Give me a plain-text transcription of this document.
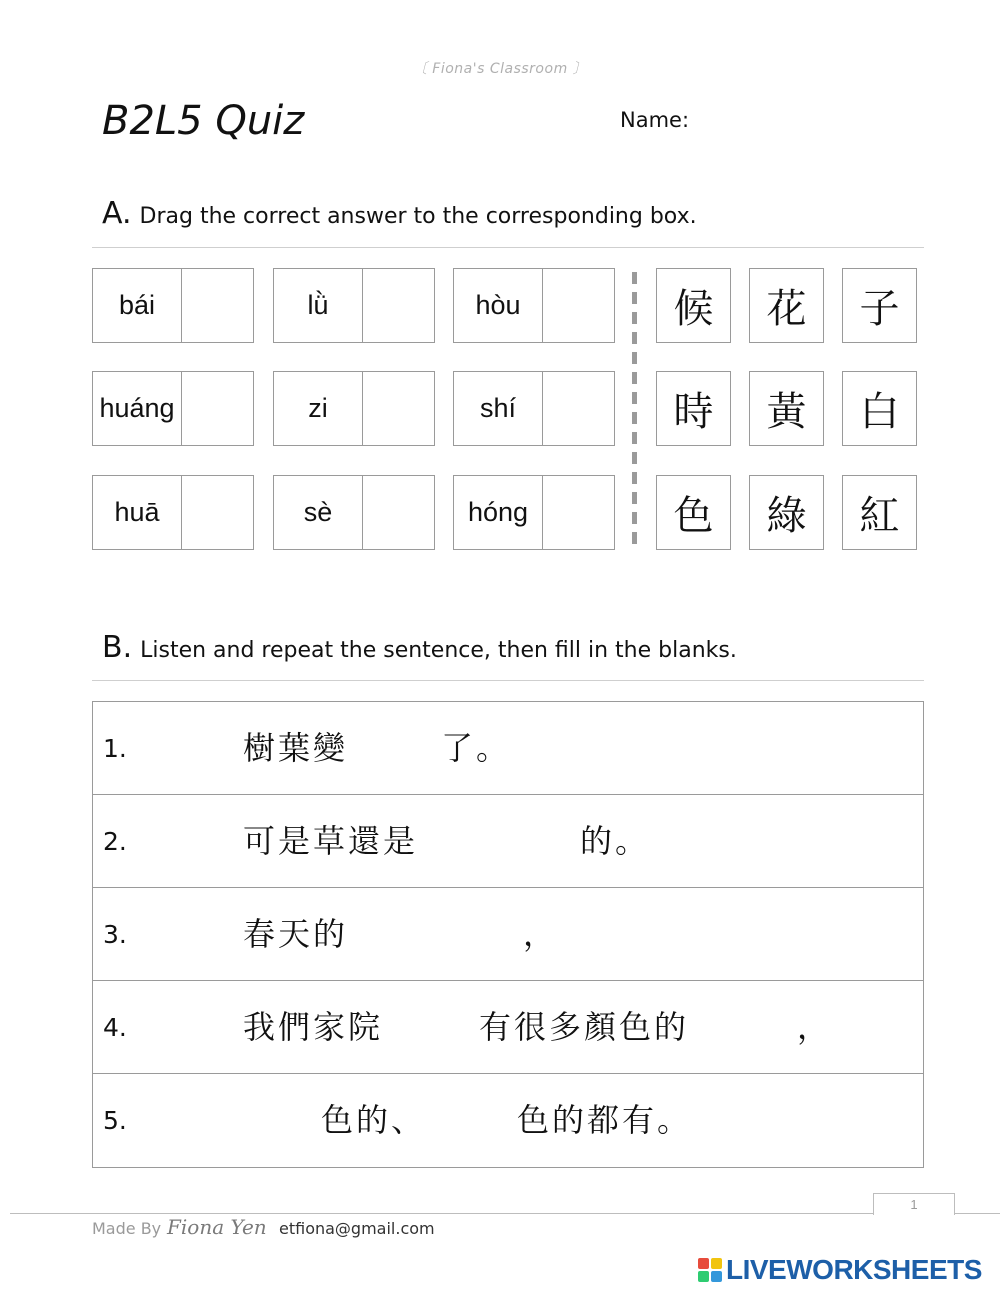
〔 Fiona's Classroom 〕
B2L5 Quiz	Name:
A. Drag the correct answer to the corresponding box.
bái	lǜ	hòu
huáng	zi	shí
huā	sè	hóng
候	花	子
時	黃	白
色	綠	紅
B. Listen and repeat the sentence, then fill in the blanks.
1.	樹葉變	了。
2.	可是草還是	的。
3.	春天的	，
4.	我們家院	有很多顏色的	，
5.	色的、	色的都有。
1
Made By Fiona Yen etfiona@gmail.com
LIVEWORKSHEETS
